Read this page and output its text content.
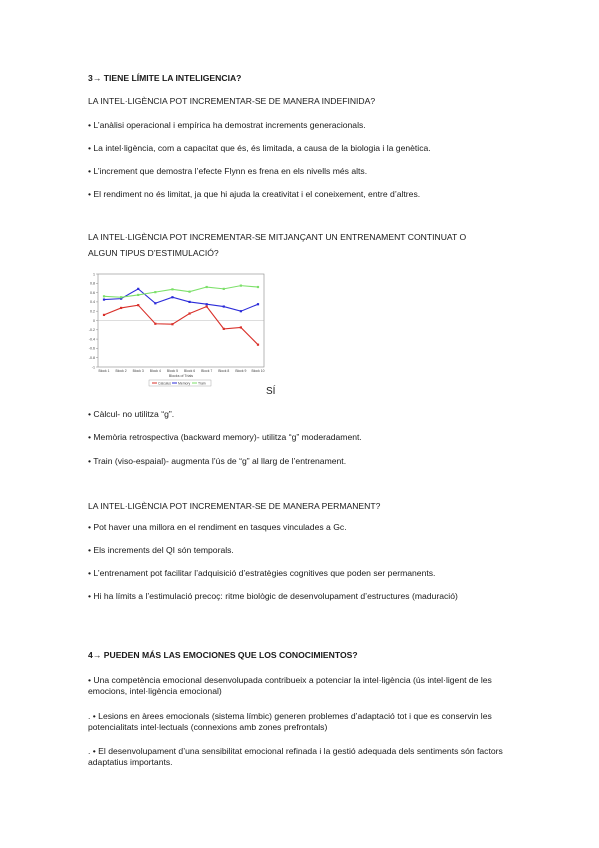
3→ TIENE LÍMITE LA INTELIGENCIA?
LA INTEL·LIGÈNCIA POT INCREMENTAR-SE DE MANERA INDEFINIDA?
• L’anàlisi operacional i empírica ha demostrat increments generacionals.
• La intel·ligència, com a capacitat que és, és limitada, a causa de la biologia i la genètica.
• L’increment que demostra l’efecte Flynn es frena en els nivells més alts.
• El rendiment no és limitat, ja que hi ajuda la creativitat i el coneixement, entre d’altres.
LA INTEL·LIGÈNCIA POT INCREMENTAR-SE MITJANÇANT UN ENTRENAMENT CONTINUAT O
ALGUN TIPUS D’ESTIMULACIÓ?
1
0.8
0.6
0.4
0.2
0
-0.2
-0.4
-0.6
-0.8
-1
Block 1 Block 2 Block 3 Block 4 Block 5 Block 6 Block 7 Block 8 Block 9 Block 10
Blocks of Trials
Calculus Memory Train
SÍ
• Càlcul- no utilitza “g”.
• Memòria retrospectiva (backward memory)- utilitza “g” moderadament.
• Train (viso-espaial)- augmenta l’ús de “g” al llarg de l’entrenament.
LA INTEL·LIGÈNCIA POT INCREMENTAR-SE DE MANERA PERMANENT?
• Pot haver una millora en el rendiment en tasques vinculades a Gc.
• Els increments del QI són temporals.
• L’entrenament pot facilitar l’adquisició d’estratègies cognitives que poden ser permanents.
• Hi ha límits a l’estimulació precoç: ritme biològic de desenvolupament d’estructures (maduració)
4→ PUEDEN MÁS LAS EMOCIONES QUE LOS CONOCIMIENTOS?
• Una competència emocional desenvolupada contribueix a potenciar la intel·ligència (ús intel·ligent de les emocions, intel·ligència emocional)
. • Lesions en àrees emocionals (sistema límbic) generen problemes d’adaptació tot i que es conservin les potencialitats intel·lectuals (connexions amb zones prefrontals)
. • El desenvolupament d’una sensibilitat emocional refinada i la gestió adequada dels sentiments són factors adaptatius importants.
